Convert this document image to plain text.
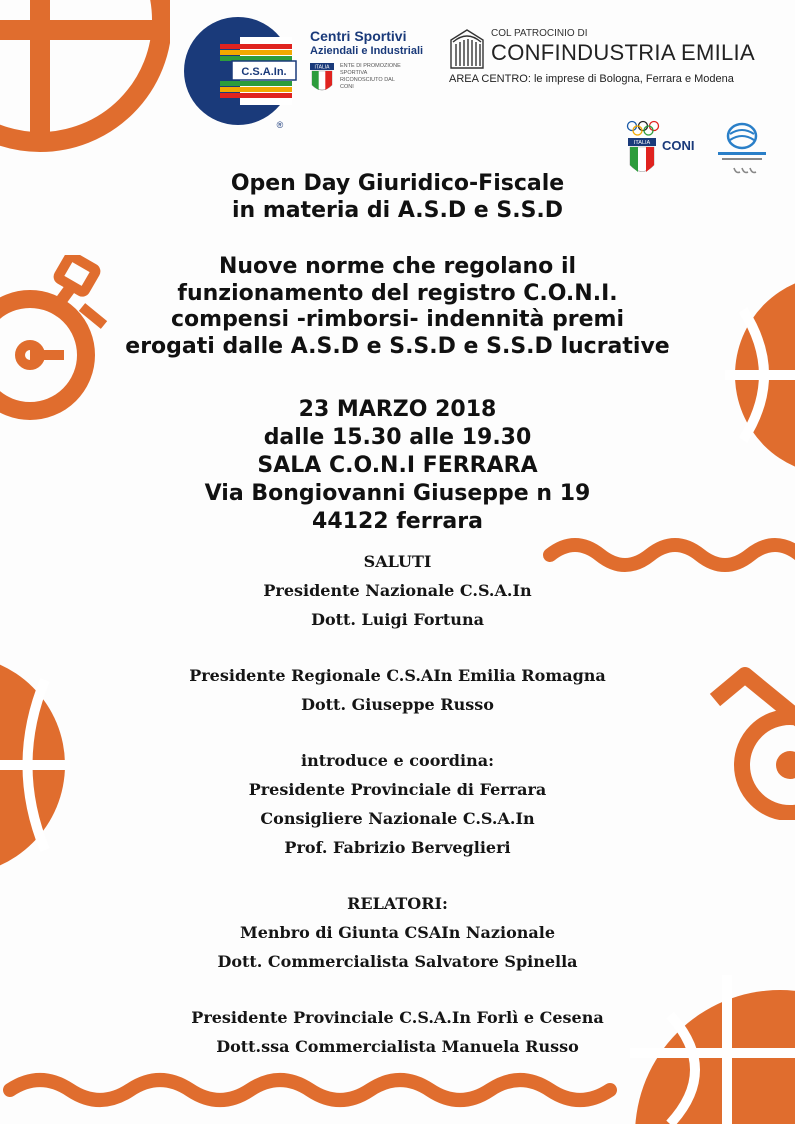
C.S.A.In.
®
Centri Sportivi
Aziendali e Industriali
ITALIA ENTE DI PROMOZIONE SPORTIVA RICONOSCIUTO DAL CONI
COL PATROCINIO DI
CONFINDUSTRIA EMILIA
AREA CENTRO: le imprese di Bologna, Ferrara e Modena
ITALIA CONI
Open Day Giuridico-Fiscale
in materia di A.S.D e S.S.D
Nuove norme che regolano il
funzionamento del registro C.O.N.I.
compensi -rimborsi- indennità premi
erogati dalle A.S.D e S.S.D e S.S.D lucrative
23 MARZO 2018
dalle 15.30 alle 19.30
SALA C.O.N.I FERRARA
Via Bongiovanni Giuseppe n 19
44122 ferrara
SALUTI
Presidente Nazionale C.S.A.In
Dott. Luigi Fortuna
Presidente Regionale C.S.AIn Emilia Romagna
Dott. Giuseppe Russo
introduce e coordina:
Presidente Provinciale di Ferrara
Consigliere Nazionale C.S.A.In
Prof. Fabrizio Berveglieri
RELATORI:
Menbro di Giunta CSAIn Nazionale
Dott. Commercialista Salvatore Spinella
Presidente Provinciale C.S.A.In Forlì e Cesena
Dott.ssa Commercialista Manuela Russo
